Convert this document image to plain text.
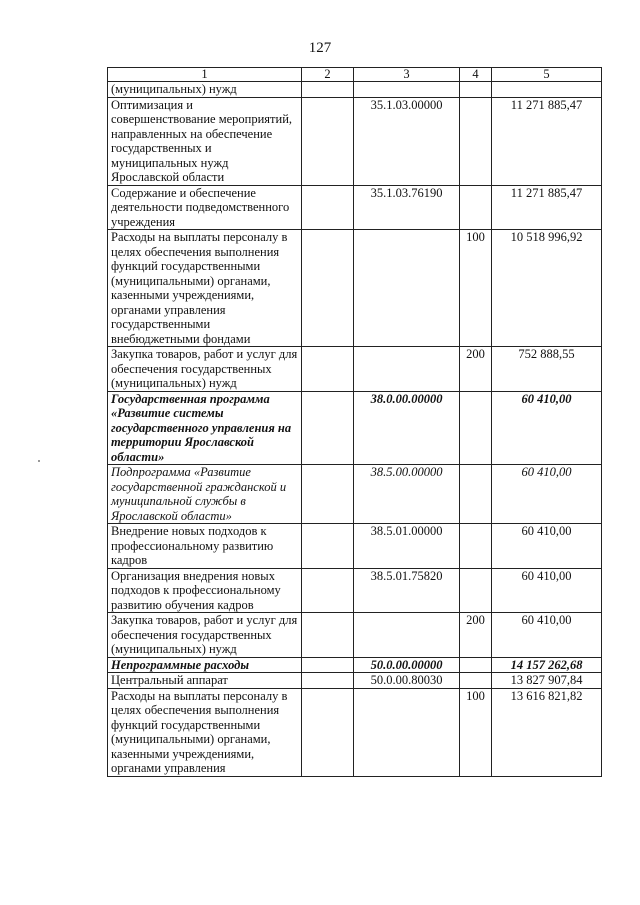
127
1	2	3	4	5
(муниципальных) нужд				
Оптимизация и совершенствование мероприятий, направленных на обеспечение государственных и муниципальных нужд Ярославской области		35.1.03.00000		11 271 885,47
Содержание и обеспечение деятельности подведомственного учреждения		35.1.03.76190		11 271 885,47
Расходы на выплаты персоналу в целях обеспечения выполнения функций государственными (муниципальными) органами, казенными учреждениями, органами управления государственными внебюджетными фондами			100	10 518 996,92
Закупка товаров, работ и услуг для обеспечения государственных (муниципальных) нужд			200	752 888,55
Государственная программа «Развитие системы государственного управления на территории Ярославской области»		38.0.00.00000		60 410,00
Подпрограмма «Развитие государственной гражданской и муниципальной службы в Ярославской области»		38.5.00.00000		60 410,00
Внедрение новых подходов к профессиональному развитию кадров		38.5.01.00000		60 410,00
Организация внедрения новых подходов к профессиональному развитию обучения кадров		38.5.01.75820		60 410,00
Закупка товаров, работ и услуг для обеспечения государственных (муниципальных) нужд			200	60 410,00
Непрограммные расходы		50.0.00.00000		14 157 262,68
Центральный аппарат		50.0.00.80030		13 827 907,84
Расходы на выплаты персоналу в целях обеспечения выполнения функций государственными (муниципальными) органами, казенными учреждениями, органами управления			100	13 616 821,82
